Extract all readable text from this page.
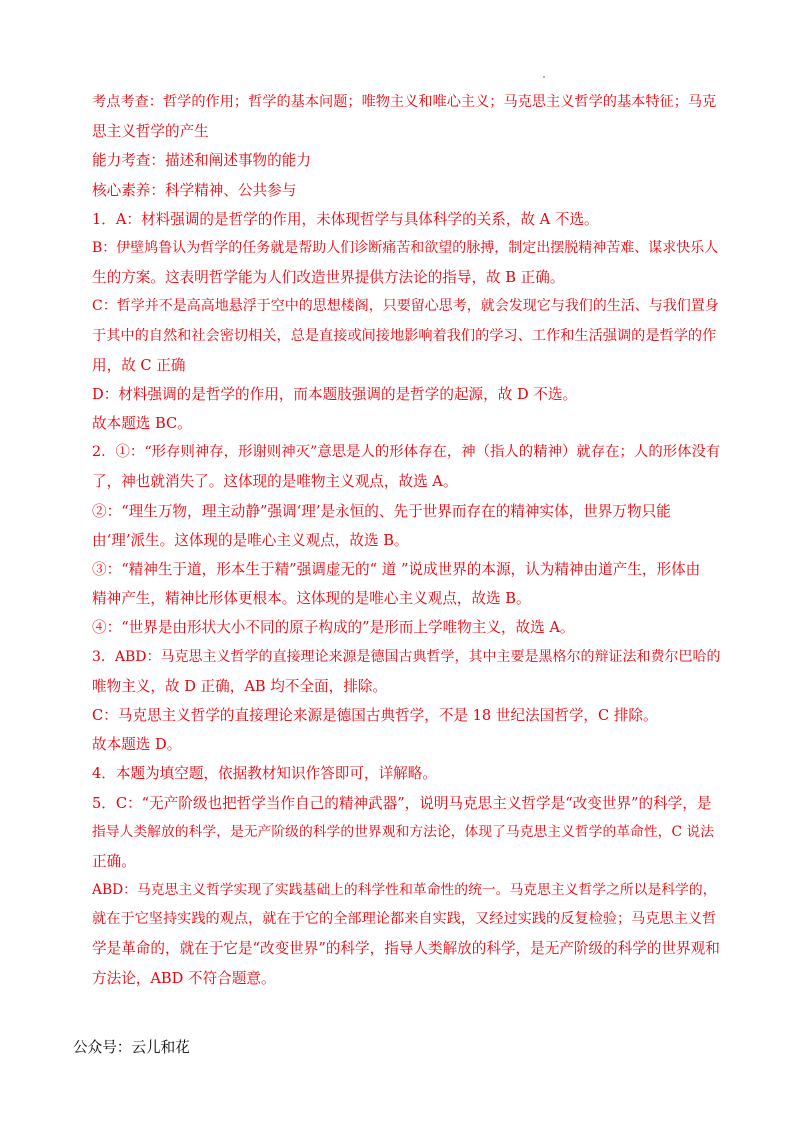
考点考查：哲学的作用；哲学的基本问题；唯物主义和唯心主义；马克思主义哲学的基本特征；马克
思主义哲学的产生
能力考查：描述和阐述事物的能力
核心素养：科学精神、公共参与
1．A：材料强调的是哲学的作用，未体现哲学与具体科学的关系，故 A 不选。
B：伊壁鸠鲁认为哲学的任务就是帮助人们诊断痛苦和欲望的脉搏，制定出摆脱精神苦难、谋求快乐人
生的方案。这表明哲学能为人们改造世界提供方法论的指导，故 B 正确。
C：哲学并不是高高地悬浮于空中的思想楼阁，只要留心思考，就会发现它与我们的生活、与我们置身
于其中的自然和社会密切相关，总是直接或间接地影响着我们的学习、工作和生活强调的是哲学的作
用，故 C 正确
D：材料强调的是哲学的作用，而本题肢强调的是哲学的起源，故 D 不选。
故本题选 BC。
2．①：“形存则神存，形谢则神灭”意思是人的形体存在，神（指人的精神）就存在；人的形体没有
了，神也就消失了。这体现的是唯物主义观点，故选 A。
②：“理生万物，理主动静”强调‘理’是永恒的、先于世界而存在的精神实体，世界万物只能
由‘理’派生。这体现的是唯心主义观点，故选 B。
③：“精神生于道，形本生于精”强调虚无的“ 道 ”说成世界的本源，认为精神由道产生，形体由
精神产生，精神比形体更根本。这体现的是唯心主义观点，故选 B。
④：“世界是由形状大小不同的原子构成的”是形而上学唯物主义，故选 A。
3．ABD：马克思主义哲学的直接理论来源是德国古典哲学，其中主要是黑格尔的辩证法和费尔巴哈的
唯物主义，故 D 正确，AB 均不全面，排除。
C：马克思主义哲学的直接理论来源是德国古典哲学，不是 18 世纪法国哲学，C 排除。
故本题选 D。
4．本题为填空题，依据教材知识作答即可，详解略。
5．C：“无产阶级也把哲学当作自己的精神武器”，说明马克思主义哲学是“改变世界”的科学，是
指导人类解放的科学，是无产阶级的科学的世界观和方法论，体现了马克思主义哲学的革命性，C 说法
正确。
ABD：马克思主义哲学实现了实践基础上的科学性和革命性的统一。马克思主义哲学之所以是科学的，
就在于它坚持实践的观点，就在于它的全部理论都来自实践，又经过实践的反复检验；马克思主义哲
学是革命的，就在于它是“改变世界”的科学，指导人类解放的科学，是无产阶级的科学的世界观和
方法论，ABD 不符合题意。
公众号：云儿和花
